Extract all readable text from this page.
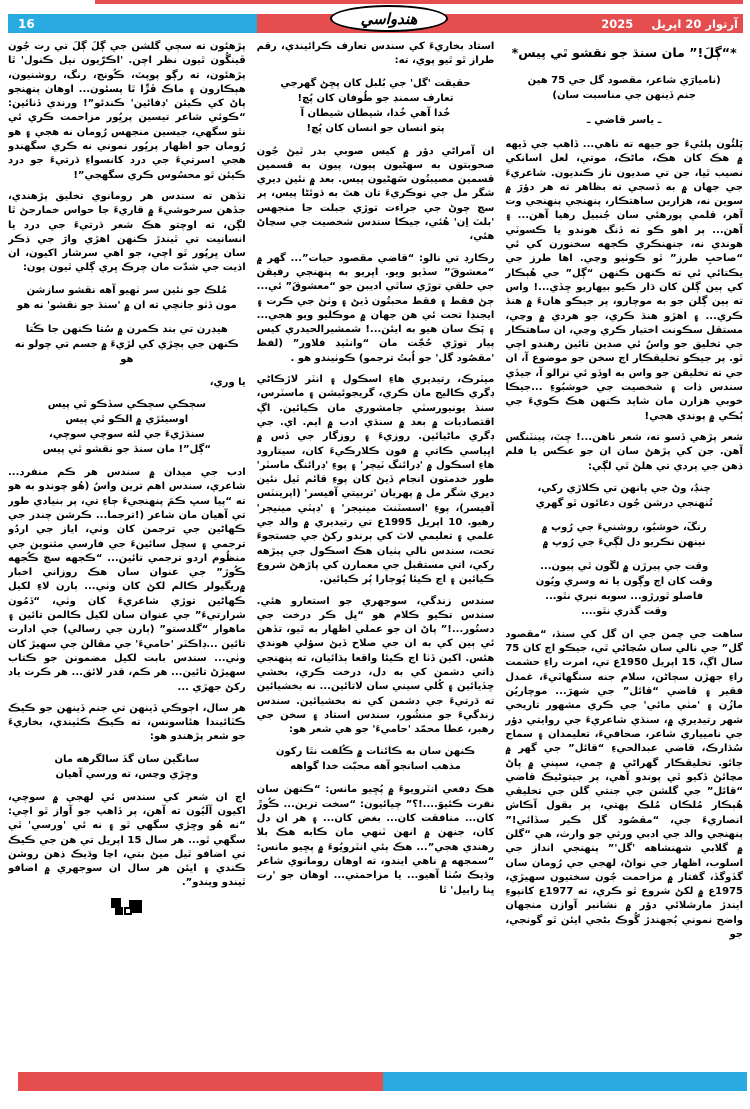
16	آرتوار 20 اپريل
2025
هندواسي
*“ڳلَ!” مان سنڌ جو نقشو ٿي پيس*
(ناميارَي شاعر، مقصود گل جي 75 هين جنم ڏينهن جي مناسبت سان)
ـ ياسر قاضي ـ
پَلئُون پلئيءَ جو جيهه ته ناهي... ڏاهپ جي ڏيهه ۾ هڪ کان هڪ، ماڻڪ، موتي، لعل اسانکي نصيب ٿيا، جن تي صديون ناز ڪنديون. شاعريءَ جي جهان ۾ به ڏسجي ته بظاهر ته هر دؤرَ ۾ سوين نه، هزارين ساهتڪار، پنهنجي پنهنجي وت آهر، قلمي پورهئي سان جُنبيل رهيا آهن... ۽ آهن... پر اهو ڪو ته ڏنگ هوندو يا ڪسوٽي هوندي نه، جنهنڪري ڪجهه سخنورن کي ئي “صاحبِ طرز” ٿو ڪوٺيو وڃي. اها طرز جي يڪتائي ئي ته ڪنهن ڪنهن “ڳل” جي هُٻڪار کي ٻين ڳلن کان ڌار ڪيو بيهاريو ڇڏي...! واس ته ٻين ڳلن جو به موچارو، پر جيڪو هانءَ ۾ هنڌ ڪري... ۽ اهڙو هنڌ ڪري، جو هردي ۾ وڃي، مستقل سڪونت اختيار ڪري وڃي، ان ساهتڪار جي تخليق جو واسُ ئي صدين تائين رهندو اچي ٿو. پر جيڪو تخليقڪار اڄ سخن جو موضوع آ، ان جي ته تخليقن جو واس به اوڏو ئي نرالو آ، جيڏي سندس ذات ۽ شخصيت جي خوشبُوءِ ...جيڪا خوبي هزارن مان شايد ڪنهن هڪ ڪويءَ جي ٻُڪي ۾ پوندي هجي!
شعر پڙهي ڏسو ته، شعر ناهن...! ڇٽ، پينٽنگس آهن. جن کي پڙهڻ سان ان جو عڪس يا فلم ذهن جي پردي تي هلڻ ٿي لڳي:
چنڊُ، وڻ جي ٻانهن تي ڪلاڙي رکي،
تُنهنجي درشن جُون دعائون ٿو گهري
رنگَ، خوشبُو، روشنيءَ جي رُوپ ۾
نينهن نڪريو دل لڳيءَ جي رُوپ ۾
وقت جي پيرڙن ۾ لڱون ٿي پيون...
وقت کان اڄ وڳون يا ته وسري ويُون
فاصلو ٿورڙو... سوبه نبري نٿو...
وقت گذري نٿو....
ساهت جي چمن جي ان گل کي سنڌ، “مقصود گل” جي نالي سان سُڃاڻي ٿي، جيڪو اڄ کان 75 سال اڳ، 15 اپريل 1950ع تي، امرت راءِ حشمت راءِ جهڙن سڄاڻن، سلام جنه سنگهاٽيءَ، غمدل فقير ۽ قاضي “قائل” جي شهرَ... موچاريُن مازُن ۽ 'مٺي مائي' جي ڪري مشهور تاريخي شهر رتيديري ۾، سنڌي شاعريءَ جي روايتي دؤر جي ناميياري شاعر، صحافيءَ، تعليمدان ۽ سماج سُڌارڪ، قاضي عبدالحيءِ “قائل” جي گهر ۾ ڄائو. تخليقڪار گهراڻي ۾ ڄمي، سپني ۾ پاڻ مڃائڻ ڏکيو ٿي پوندو آهي، پر جيتوڻيڪ قاضي “قائل” جي گلشن جي جنتي گلن جي تخليقي هُٻڪار مُلڪان مُلڪ پهتي، پر بقول آڪاش انصاريءَ جي، “مقصُود گل ڪير سڏائي!” پنهنجي والد جي ادبي ورثي جو وارث، هي “گلن ۾ گلابي شهنشاهه 'گل'” پنهنجي انداز جي اسلوب، اظهار جي نواڻ، لهجي جي رُومان سان گڏوگڏ، گفتار ۾ مزاحمت جُون سختيون سهيڙي، 1975ع ۾ لکڻ شروع ٿو ڪري، ته 1977ع کانپوءِ ايندڙ مارشلائي دؤر ۾ نشانبر آوازن منجهان واضح نموني ٻُجهندڙ گُوڪ بڻجي ايئن ٿو گونجي، جو
استاد بخاريءَ کي سندس تعارف ڪرائيندي، رقم طراز ٿو ٿيو پوي، ته:
حقيقت 'گل' جي بُلبل کان پڇڻ گهرجي
تعارف سمنڊ جو طُوفان کان پُڇ!
خُدا آهي خُدا، شيطان شيطان آ
پتو انسان جو انسان کان پُڇ!
ان آمراڻي دؤر ۾ کيس صوبي بدر ٿيڻ جُون صحوبتون به سهڻيون پيون، پيون به قسمين قسمين مصيبتُون سَهڻيون پيس. بعد ۾ نئين ديري شگر مل جي نوڪريءَ تان هٿ به ڌوئڻا پيس، پر سچ چوڻ جي جراءت توڙي جبلت جا منجهس 'بلٽ اِن' هُئي، جيڪا سندس شخصيت جي سڃاڻ هئي،
رڪارڊ تي نالو: “قاضي مقصود حيات”... گهر ۾ “معشوقَ” سڏيو ويو. اڀريو به پنهنجي رفيقن جي حلقي توڙي ساٿي اديبن جو “معشوقَ” ئي... ڄڻ فقط ۽ فقط محبتُون ڏيڻ ۽ وٺڻ جي ڪرت ۽ ايجنڊا تحت ئي هن جهان ۾ موڪليو ويو هجي... ۽ پَڪ سان هيو به ايئن...! شمشيرالحيدري کيس پيار توڙي حُجّت مان “وانٽيڊ فلاور” (لفظ 'مقصُود گل' جو اُبتُ ترجمو) ڪوٺيندو هو .
ميٽرڪ، رتيديري هاءِ اسڪول ۽ انٽر لاڙڪاڻي ڊگري ڪاليج مان ڪري، گريجوئيشن ۽ ماسٽرس، سنڌ يونيورسٽي ڄامشوري مان ڪيائين. اڳ اقتصاديات ۾ بعد ۾ سنڌي ادب ۾ ايم. اي. جي ڊگري ماڻيائين. روزيءَ ۽ روزگار جي ڏس ۾ اڀياسي ڪاتي ۾ فون ڪلارڪيءَ کان، سيتارود هاءِ اسڪول ۾ 'ڊرائنگ ٽيچر' ۽ پوءِ 'ڊرائنگ ماسٽر' طور خدمتون انجام ڏيڻ کان پوءِ قائم ٿيل نئين ديري شگر مل ۾ پهريان 'تربيتي آفيسر' (اپرينٽس آفيسر)، پوءِ 'اسسٽنٽ مينيجر' ۽ 'ڊپٽي مينيجر' رهيو. 10 اپريل 1995ع تي رتيديري ۾ والد جي علمي ۽ تعليمي لاٽ کي ٻرندو رکڻ جي جستجوءَ تحت، سندس نالي پٺيان هڪ اسڪول جي پيڙهه رکي، اتي مستقبل جي معمارن کي پاڙهڻ شروع ڪيائين ۽ اڃ ڪيئا پُوڄارا پُر ڪيائين.
سندس زندگي، سوجهري جو استعارو هئي. سندس تڪيو ڪلام هو “ڀل ڪر درخت جي دستُور...!” پاڻ ان جو عملي اظهار به ٿيو، تڏهن ئي ٻين کي به ان جي صلاح ڏيڻ سؤلي هوندي هئس. اکين ڏٺا اڄ ڪيئا واقعا ٻڌائيان، ته پنهنجي ذاتي دشمن کي به دل، درخت ڪري، بخشي ڇڏيائين ۽ کُلي سيني سان لاتائين... نه بخشيائين ته ڌرتيءَ جي دشمن کي نه بخشيائين. سندس زندگيءَ جو منشُور، سندس استاد ۽ سخن جي رهبر، عطا محمّد 'حاميءَ' جو هي شعر هو:
ڪنهن سان به ڪائنات ۾ ڪُلفت نٿا رکون
مذهب اسانجو آهه محبّت خدا گواهه
هڪ دفعي انٽرويوءَ ۾ پُڇيو مانس: “ڪنهن سان نفرت ڪئيوَ....!؟” چيائيون: “سخت ترين... ڪُوڙَ کان... منافقت کان... بغض کان... ۽ هر ان دل کان، جنهن ۾ انهن ٽنهي مان ڪابه هڪ بلا رهندي هجي”... هڪ ٻئي انٽرويُوءَ ۾ پڇيو مانس: “سمجهه ۾ ناهي ايندو، ته اوهان رومانوي شاعر وڌيڪ سُٺا آهيو... يا مزاحمتي... اوهان جو 'رت ڀنا رابيل' ٿا
پڙهئون ته سڄي گلشن جي ڳلَ ڳلَ تي رت جُون ڦينگُون ٿيون نظر اچن. 'اڪرّيون نيل ڪنول' ٿا پڙهئون، ته رڳو پوپٽ، ڪُونج، رنگ، روشنيون، هٻڪارون ۽ ماڪ ڦڙّا ٿا پسئون... اوهان پنهنجو پاڻ کي ڪيئن 'ڊفائين' ڪندئو”! ورندي ڏنائين: “ڪوئي شاعر تيسين پرڀُور مزاحمت ڪري ئي نٿو سگهي، جيسين منجهس رُومان نه هجي ۽ هو رُومان جو اظهار پرڀُور نموني نه ڪري سگهندو هجي !سرتيءَ جي درد کانسواءِ ڌرتيءَ جو درد ڪيئن ٿو محسُوس ڪري سگهجي”!
تڏهن ته سندس هر رومانوي تخليق پڙهندي، جڏهن سرخوشيءَ ۾ قاريءَ جا حواس خمارجڻ ٿا لڳن، ته اوچتو هڪ شعر ڌرتيءَ جي درد يا انسانيت تي ٿيندڙ ڪنهن اهڙي وارَ جي ذڪر سان ڀرپُور ٿو اچي، جو اهي سرشار اکيون، ان اذيت جي شدّت مان چرڪ ڀري ڳلي ٿيون پون:
مُلڪ جو نئين سر ٺهيو آهه نقشو سازشن
مون ڏٺو جانچي ته ان ۾ 'سنڌ جو نقشو' نه هو
هيڊرن تي بند ڪمرن ۾ سُتا ڪنهن جا ڪُتا
ڪنهن جي ٻچڙي کي لڙيءَ ۾ جسم تي چولو نه هو
يا وري،
سڄڪي سڄڪي سڏڪو ٿي پيس
اوسيئڙي ۾ الڪو ٿي پيس
سنڌڙيءَ جي لئه سوچي سوچي،
“ڳل”! مان سنڌ جو نقشو ٿي پيس
ادب جي ميدان ۾ سندس هر ڪم منفرد... شاعري، سندس اهم ترين واسُ (هُو چوندو به هو ته “پيا سڀ ڪمَ پنهنجيءَ ڄاءِ تي، پر بنيادي طور تي آهيان مان شاعر (!ترجما... ڪرشن چندر جي ڪهاڻين جي ترجمن کان وٺي، اياز جي اردُو ترجمي ۽ سچل سائينءَ جي فارسي مثنوين جي منظُوم اردو ترجمي تائين... “ڪجهه سچ ڪُجهه ڪُوڙ” جي عنوان سان هڪ روزاني اخبار ۾ريگيولر ڪالم لکڻ کان وٺي... ٻارن لاءِ لکيل ڪهاڻين توڙي شاعريءَ کان وٺي، “ڏمُون شرارتيءَ” جي عنوان سان لکيل ڪالمن تائين ۽ ماهوار “گلدستو” (ٻارن جي رسالي) جي ادارت تائين ...ڊاڪٽر 'حاميءَ' جي مقالن جي سهيڙ کان وٺي... سندس بابت لکيل مضمونن جو ڪتاب سهيڙڻ تائين... هر ڪم، قدر لائق... هر ڪرت ياد رکڻ جهڙي ...
هر سال، اڄوڪي ڏينهن تي جنم ڏينهن جو ڪيڪ ڪٽائيندا هئاسونس، ته ڪيڪ ڪٽيندي، بخاريءَ جو شعر پڙهندو هو:
سانگين سان گڏ سالگرهه مان
وڇڙي وڃس، ته ورسي آهيان
اڄ ان شعر کي سندس ئي لهجي ۾ سوچي، اکيون آلَيُون ته آهن، پر ڏاهپ جو آواز ٿو اچي: “نه هُو وڇڙي سگهي ٿو ۽ نه ئي 'ورسي' ٿي سگهي ٿو... هر سال 15 اپريل تي هن جي ڪيڪ تي اضافو ٿيل ميڻ بتي، اڃا وڌيڪ ذهن روشن ڪندي ۽ ايئن هر سال ان سوجهري ۾ اضافو ٿيندو ويندو”.
